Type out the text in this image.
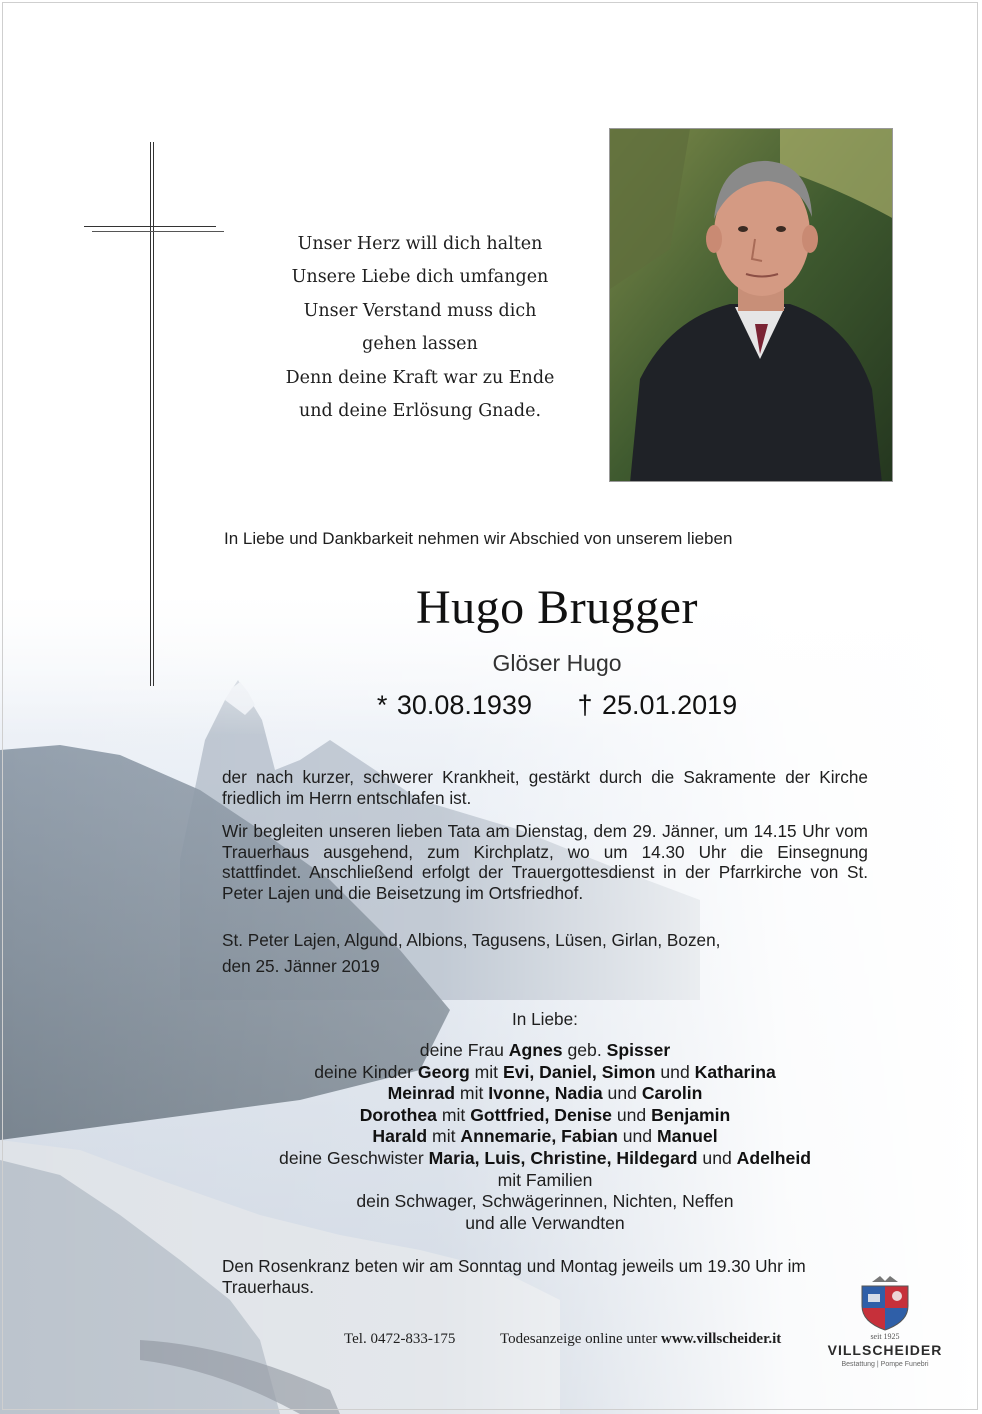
Unser Herz will dich halten
Unsere Liebe dich umfangen
Unser Verstand muss dich
gehen lassen
Denn deine Kraft war zu Ende
und deine Erlösung Gnade.
In Liebe und Dankbarkeit nehmen wir Abschied von unserem lieben
Hugo Brugger
Glöser Hugo
* 30.08.1939 † 25.01.2019
der nach kurzer, schwerer Krankheit, gestärkt durch die Sakramente der Kirche friedlich im Herrn entschlafen ist.
Wir begleiten unseren lieben Tata am Dienstag, dem 29. Jänner, um 14.15 Uhr vom Trauerhaus ausgehend, zum Kirchplatz, wo um 14.30 Uhr die Einsegnung stattfindet. Anschließend erfolgt der Trauergottesdienst in der Pfarrkirche von St. Peter Lajen und die Beisetzung im Ortsfriedhof.
St. Peter Lajen, Algund, Albions, Tagusens, Lüsen, Girlan, Bozen,
den 25. Jänner 2019
In Liebe:
deine Frau Agnes geb. Spisser
deine Kinder Georg mit Evi, Daniel, Simon und Katharina
Meinrad mit Ivonne, Nadia und Carolin
Dorothea mit Gottfried, Denise und Benjamin
Harald mit Annemarie, Fabian und Manuel
deine Geschwister Maria, Luis, Christine, Hildegard und Adelheid
mit Familien
dein Schwager, Schwägerinnen, Nichten, Neffen
und alle Verwandten
Den Rosenkranz beten wir am Sonntag und Montag jeweils um 19.30 Uhr im Trauerhaus.
Tel. 0472-833-175	Todesanzeige online unter www.villscheider.it	seit 1925
VILLSCHEIDER
Bestattung | Pompe Funebri
